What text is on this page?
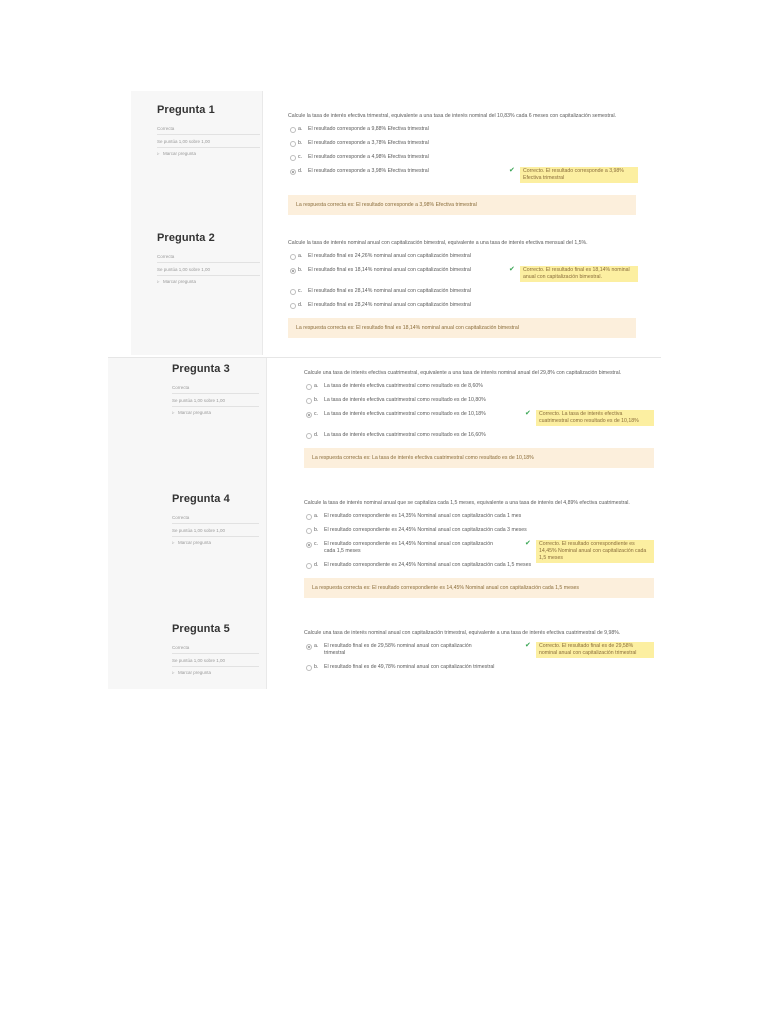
Pregunta 1
Correcta
Se puntúa 1,00 sobre 1,00
▹ Marcar pregunta
Calcule la tasa de interés efectiva trimestral, equivalente a una tasa de interés nominal del 10,83% cada 6 meses con capitalización semestral.
a. El resultado corresponde a 9,88% Efectiva trimestral
b. El resultado corresponde a 3,78% Efectiva trimestral
c. El resultado corresponde a 4,98% Efectiva trimestral
d. El resultado corresponde a 3,98% Efectiva trimestral	✔	Correcto. El resultado corresponde a 3,98% Efectiva trimestral
La respuesta correcta es: El resultado corresponde a 3,98% Efectiva trimestral
Pregunta 2
Correcta
Se puntúa 1,00 sobre 1,00
▹ Marcar pregunta
Calcule la tasa de interés nominal anual con capitalización bimestral, equivalente a una tasa de interés efectiva mensual del 1,5%.
a. El resultado final es 24,26% nominal anual con capitalización bimestral
b. El resultado final es 18,14% nominal anual con capitalización bimestral	✔	Correcto. El resultado final es 18,14% nominal anual con capitalización bimestral.
c. El resultado final es 28,14% nominal anual con capitalización bimestral
d. El resultado final es 28,24% nominal anual con capitalización bimestral
La respuesta correcta es: El resultado final es 18,14% nominal anual con capitalización bimestral
Pregunta 3
Correcta
Se puntúa 1,00 sobre 1,00
▹ Marcar pregunta
Calcule una tasa de interés efectiva cuatrimestral, equivalente a una tasa de interés nominal anual del 29,8% con capitalización bimestral.
a. La tasa de interés efectiva cuatrimestral como resultado es de 8,60%
b. La tasa de interés efectiva cuatrimestral como resultado es de 10,80%
c. La tasa de interés efectiva cuatrimestral como resultado es de 10,18%	✔	Correcto. La tasa de interés efectiva cuatrimestral como resultado es de 10,18%
d. La tasa de interés efectiva cuatrimestral como resultado es de 16,60%
La respuesta correcta es: La tasa de interés efectiva cuatrimestral como resultado es de 10,18%
Pregunta 4
Correcta
Se puntúa 1,00 sobre 1,00
▹ Marcar pregunta
Calcule la tasa de interés nominal anual que se capitaliza cada 1,5 meses, equivalente a una tasa de interés del 4,89% efectiva cuatrimestral.
a. El resultado correspondiente es 14,35% Nominal anual con capitalización cada 1 mes
b. El resultado correspondiente es 24,45% Nominal anual con capitalización cada 3 meses
c. El resultado correspondiente es 14,45% Nominal anual con capitalización cada 1,5 meses
✔	Correcto. El resultado correspondiente es 14,45% Nominal anual con capitalización cada 1,5 meses
d. El resultado correspondiente es 24,45% Nominal anual con capitalización cada 1,5 meses
La respuesta correcta es: El resultado correspondiente es 14,45% Nominal anual con capitalización cada 1,5 meses
Pregunta 5
Correcta
Se puntúa 1,00 sobre 1,00
▹ Marcar pregunta
Calcule una tasa de interés nominal anual con capitalización trimestral, equivalente a una tasa de interés efectiva cuatrimestral de 9,98%.
a. El resultado final es de 29,58% nominal anual con capitalización trimestral
✔	Correcto. El resultado final es de 29,58% nominal anual con capitalización trimestral
b. El resultado final es de 49,78% nominal anual con capitalización trimestral
